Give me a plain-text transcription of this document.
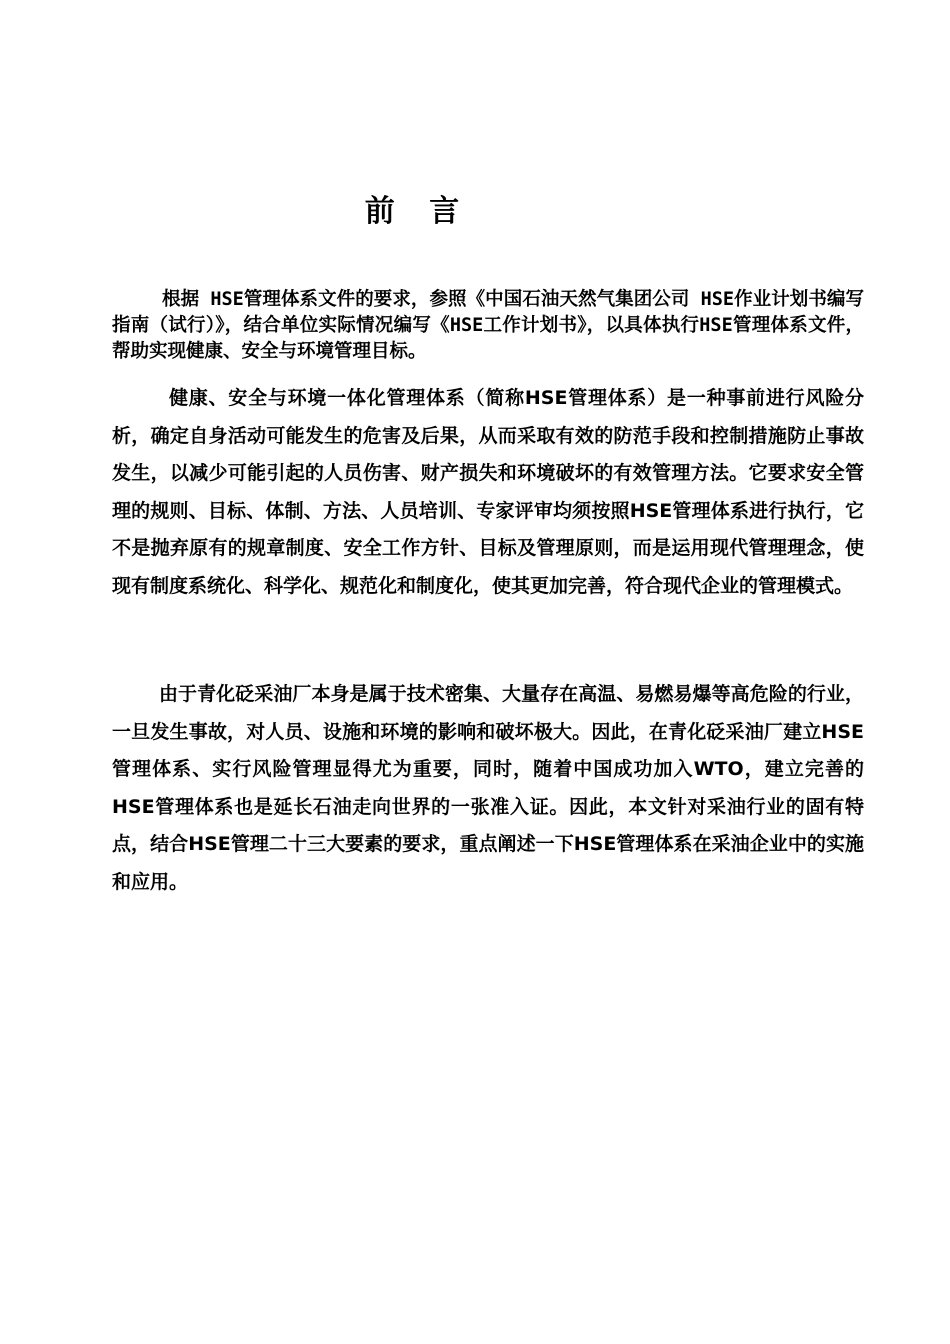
前 言

根据 HSE管理体系文件的要求，参照《中国石油天然气集团公司 HSE作业计划书编写指南（试行）》，结合单位实际情况编写《HSE工作计划书》，以具体执行HSE管理体系文件，帮助实现健康、安全与环境管理目标。

健康、安全与环境一体化管理体系（简称HSE管理体系）是一种事前进行风险分析，确定自身活动可能发生的危害及后果，从而采取有效的防范手段和控制措施防止事故发生，以减少可能引起的人员伤害、财产损失和环境破坏的有效管理方法。它要求安全管理的规则、目标、体制、方法、人员培训、专家评审均须按照HSE管理体系进行执行，它不是抛弃原有的规章制度、安全工作方针、目标及管理原则，而是运用现代管理理念，使现有制度系统化、科学化、规范化和制度化，使其更加完善，符合现代企业的管理模式。

由于青化砭采油厂本身是属于技术密集、大量存在高温、易燃易爆等高危险的行业，一旦发生事故，对人员、设施和环境的影响和破坏极大。因此，在青化砭采油厂建立HSE管理体系、实行风险管理显得尤为重要，同时，随着中国成功加入WTO，建立完善的HSE管理体系也是延长石油走向世界的一张准入证。因此，本文针对采油行业的固有特点，结合HSE管理二十三大要素的要求，重点阐述一下HSE管理体系在采油企业中的实施和应用。
